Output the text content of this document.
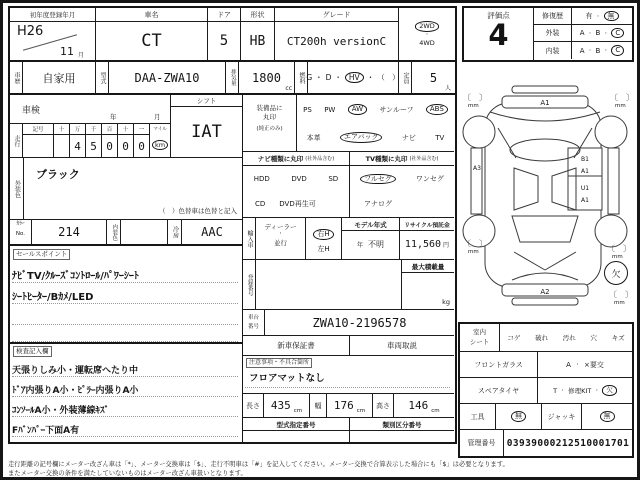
初年度登録年月
H26
11 月
車名
CT
ドア
5
形状
HB
グレード
CT200h versionC
2WD
・
4WD
車歴	自家用	型式	DAA-ZWA10	排気量	1800
cc
燃料 G ・ D ・ HV ・ （　） 定員	5
人
車検
年	月
走行
記号	十	万
4
千
5
百
0
十
0
一
0
マイル
km
シフト
IAT
外装色
ブラック
（　）色替車は色替と記入
ｶﾗｰ
No.	214	内装色	冷房	AAC
セールスポイント
ﾅﾋﾞTV/ｸﾙｰｽﾞｺﾝﾄﾛｰﾙ/ﾊﾟﾜｰｼｰﾄ
ｼｰﾄﾋｰﾀｰ/Bｶﾒ/LED
検査記入欄
天張りしみ小・運転席へたり中
ﾄﾞｱ内張りA小・ﾋﾟﾗｰ内張りA小
ｺﾝｿｰﾙA小・外装薄線ｷｽﾞ
Fﾊﾞﾝﾊﾟｰ下面A有
装備品に
丸印
(純正のみ)
PS PW	AW	サンルーフ	ABS
本革	エアバック	ナビ	TV
ナビ種類に丸印 (社外品含む)	TV種類に丸印 (社外品含む)
HDD	DVD	SD
CD DVD再生可
フルセグ	ワンセグ
アナログ
輸入車
ディーラー
・
並行
右H
左H
モデル年式
年 不明
リサイクル預託金
11,560 円
登録番号
最大積載量
kg
車台
番号	ZWA10-2196578
新車保証書	車両取説
注意事項・不具合箇所
フロアマットなし
長さ 435 cm
幅	176 cm
高さ	146 cm
型式指定番号	類別区分番号
評価点
4
修復歴	有 ・	無
外装	A ・ B ・	C
内装	A ・ B ・	C
A1
A3
B1
A1
U1
A1
A2
〔　〕
mm
〔　〕
mm
〔　〕
mm	〔　〕
mm
欠
〔　〕
mm
室内
シート	コゲ 破れ 汚れ 穴 キズ
フロントガラス	A ・ ×要交
スペアタイヤ	T ・ 修理KIT ・	欠
工具	無	ジャッキ	無
管理番号	03939000212510001701
走行距離の記号欄にメーター改ざん車は「*」、メーター交換車は「$」、走行不明車は「#」を記入してください。メーター交換で合算表示した場合にも「$」は必要となります。
またメーター交換の条件を満たしていないものはメーター改ざん車扱いとなります。
